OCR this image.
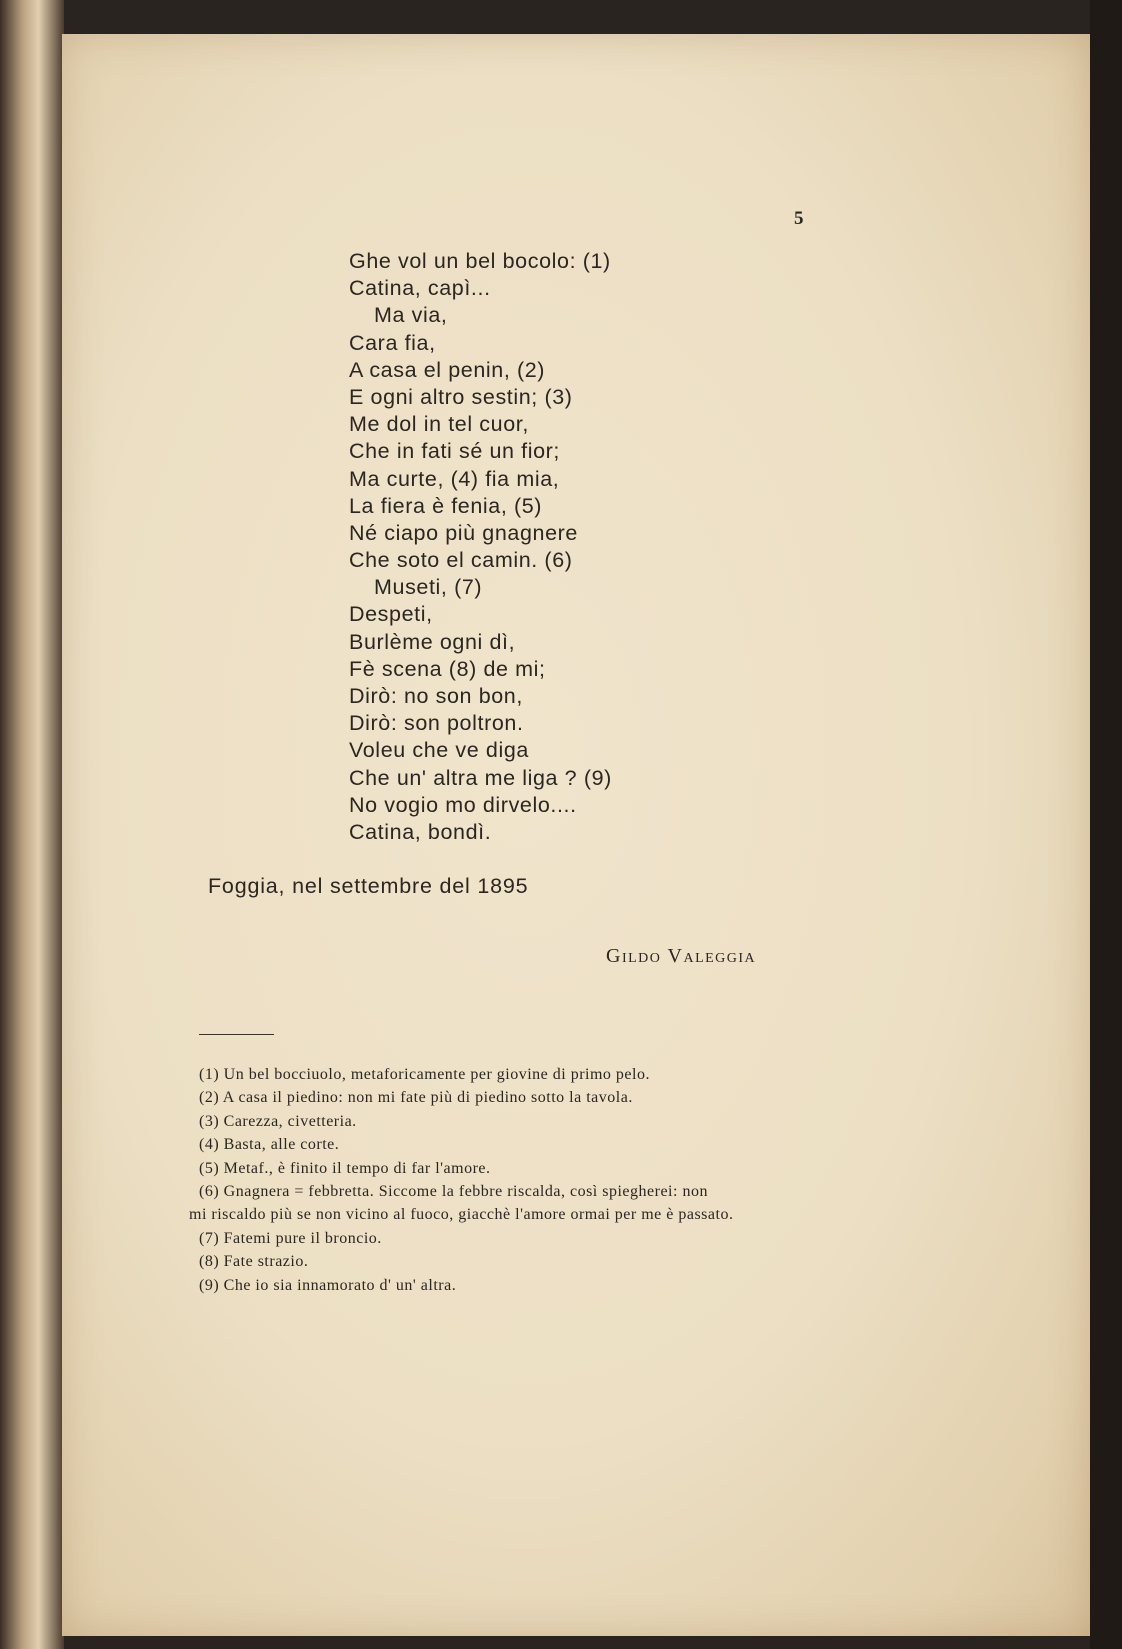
5
Ghe vol un bel bocolo: (1)
Catina, capì...
Ma via,
Cara fia,
A casa el penin, (2)
E ogni altro sestin; (3)
Me dol in tel cuor,
Che in fati sé un fior;
Ma curte, (4) fia mia,
La fiera è fenia, (5)
Né ciapo più gnagnere
Che soto el camin. (6)
Museti, (7)
Despeti,
Burlème ogni dì,
Fè scena (8) de mi;
Dirò: no son bon,
Dirò: son poltron.
Voleu che ve diga
Che un' altra me liga ? (9)
No vogio mo dirvelo....
Catina, bondì.
Foggia, nel settembre del 1895
Gildo Valeggia
(1) Un bel bocciuolo, metaforicamente per giovine di primo pelo.
(2) A casa il piedino: non mi fate più di piedino sotto la tavola.
(3) Carezza, civetteria.
(4) Basta, alle corte.
(5) Metaf., è finito il tempo di far l'amore.
(6) Gnagnera = febbretta. Siccome la febbre riscalda, così spiegherei: non
mi riscaldo più se non vicino al fuoco, giacchè l'amore ormai per me è passato.
(7) Fatemi pure il broncio.
(8) Fate strazio.
(9) Che io sia innamorato d' un' altra.
